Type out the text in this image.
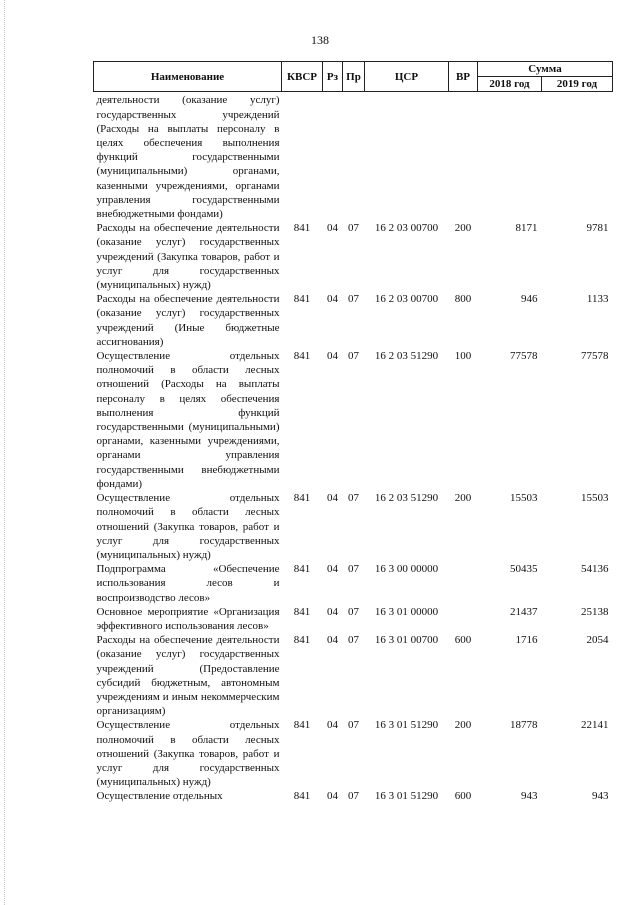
138
Наименование	КВСР	Рз	Пр	ЦСР	ВР	Сумма	
						2018 год	2019 год
деятельности (оказание услуг) государственных учреждений (Расходы на выплаты персоналу в целях обеспечения выполнения функций государственными (муниципальными) органами, казенными учреждениями, органами управления государственными внебюджетными фондами)							
Расходы на обеспечение деятельности (оказание услуг) государственных учреждений (Закупка товаров, работ и услуг для государственных (муниципальных) нужд)	841	04	07	16 2 03 00700	200	8171	9781
Расходы на обеспечение деятельности (оказание услуг) государственных учреждений (Иные бюджетные ассигнования)	841	04	07	16 2 03 00700	800	946	1133
Осуществление отдельных полномочий в области лесных отношений (Расходы на выплаты персоналу в целях обеспечения выполнения функций государственными (муниципальными) органами, казенными учреждениями, органами управления государственными внебюджетными фондами)	841	04	07	16 2 03 51290	100	77578	77578
Осуществление отдельных полномочий в области лесных отношений (Закупка товаров, работ и услуг для государственных (муниципальных) нужд)	841	04	07	16 2 03 51290	200	15503	15503
Подпрограмма «Обеспечение использования лесов и воспроизводство лесов»	841	04	07	16 3 00 00000		50435	54136
Основное мероприятие «Организация эффективного использования лесов»	841	04	07	16 3 01 00000		21437	25138
Расходы на обеспечение деятельности (оказание услуг) государственных учреждений (Предоставление субсидий бюджетным, автономным учреждениям и иным некоммерческим организациям)	841	04	07	16 3 01 00700	600	1716	2054
Осуществление отдельных полномочий в области лесных отношений (Закупка товаров, работ и услуг для государственных (муниципальных) нужд)	841	04	07	16 3 01 51290	200	18778	22141
Осуществление отдельных	841	04	07	16 3 01 51290	600	943	943
